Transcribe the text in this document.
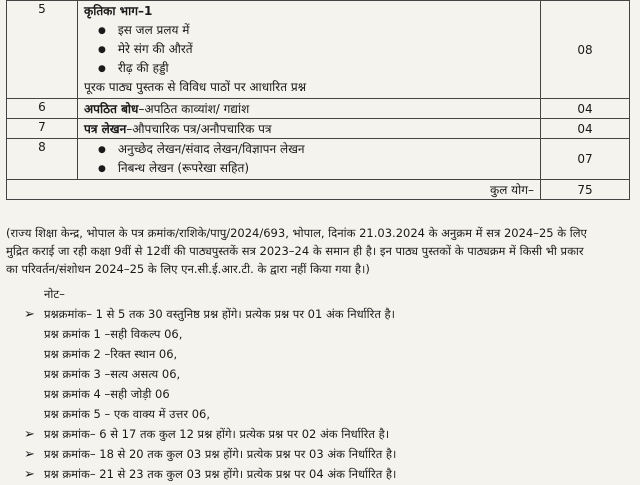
5	कृतिका भाग–1
● इस जल प्रलय में
● मेरे संग की औरतें
● रीढ़ की हड्डी
पूरक पाठ्य पुस्तक से विविध पाठों पर आधारित प्रश्न	08
6	अपठित बोध–अपठित काव्यांश/ गद्यांश	04
7	पत्र लेखन–औपचारिक पत्र/अनौपचारिक पत्र	04
8	● अनुच्छेद लेखन/संवाद लेखन/विज्ञापन लेखन
● निबन्ध लेखन (रूपरेखा सहित)	07
कुल योग–		75
(राज्य शिक्षा केन्द्र, भोपाल के पत्र क्रमांक/राशिके/पापु/2024/693, भोपाल, दिनांक 21.03.2024 के अनुक्रम में सत्र 2024–25 के लिए
मुद्रित कराई जा रही कक्षा 9वीं से 12वीं की पाठ्यपुस्तकें सत्र 2023–24 के समान ही है। इन पाठ्य पुस्तकों के पाठ्यक्रम में किसी भी प्रकार
का परिवर्तन/संशोधन 2024–25 के लिए एन.सी.ई.आर.टी. के द्वारा नहीं किया गया है।)
नोट–
➢ प्रश्नक्रमांक– 1 से 5 तक 30 वस्तुनिष्ठ प्रश्न होंगे। प्रत्येक प्रश्न पर 01 अंक निर्धारित है।
प्रश्न क्रमांक 1 –सही विकल्प 06,
प्रश्न क्रमांक 2 –रिक्त स्थान 06,
प्रश्न क्रमांक 3 –सत्य असत्य 06,
प्रश्न क्रमांक 4 –सही जोड़ी 06
प्रश्न क्रमांक 5 – एक वाक्य में उत्तर 06,
➢ प्रश्न क्रमांक– 6 से 17 तक कुल 12 प्रश्न होंगे। प्रत्येक प्रश्न पर 02 अंक निर्धारित है।
➢ प्रश्न क्रमांक– 18 से 20 तक कुल 03 प्रश्न होंगे। प्रत्येक प्रश्न पर 03 अंक निर्धारित है।
➢ प्रश्न क्रमांक– 21 से 23 तक कुल 03 प्रश्न होंगे। प्रत्येक प्रश्न पर 04 अंक निर्धारित है।
